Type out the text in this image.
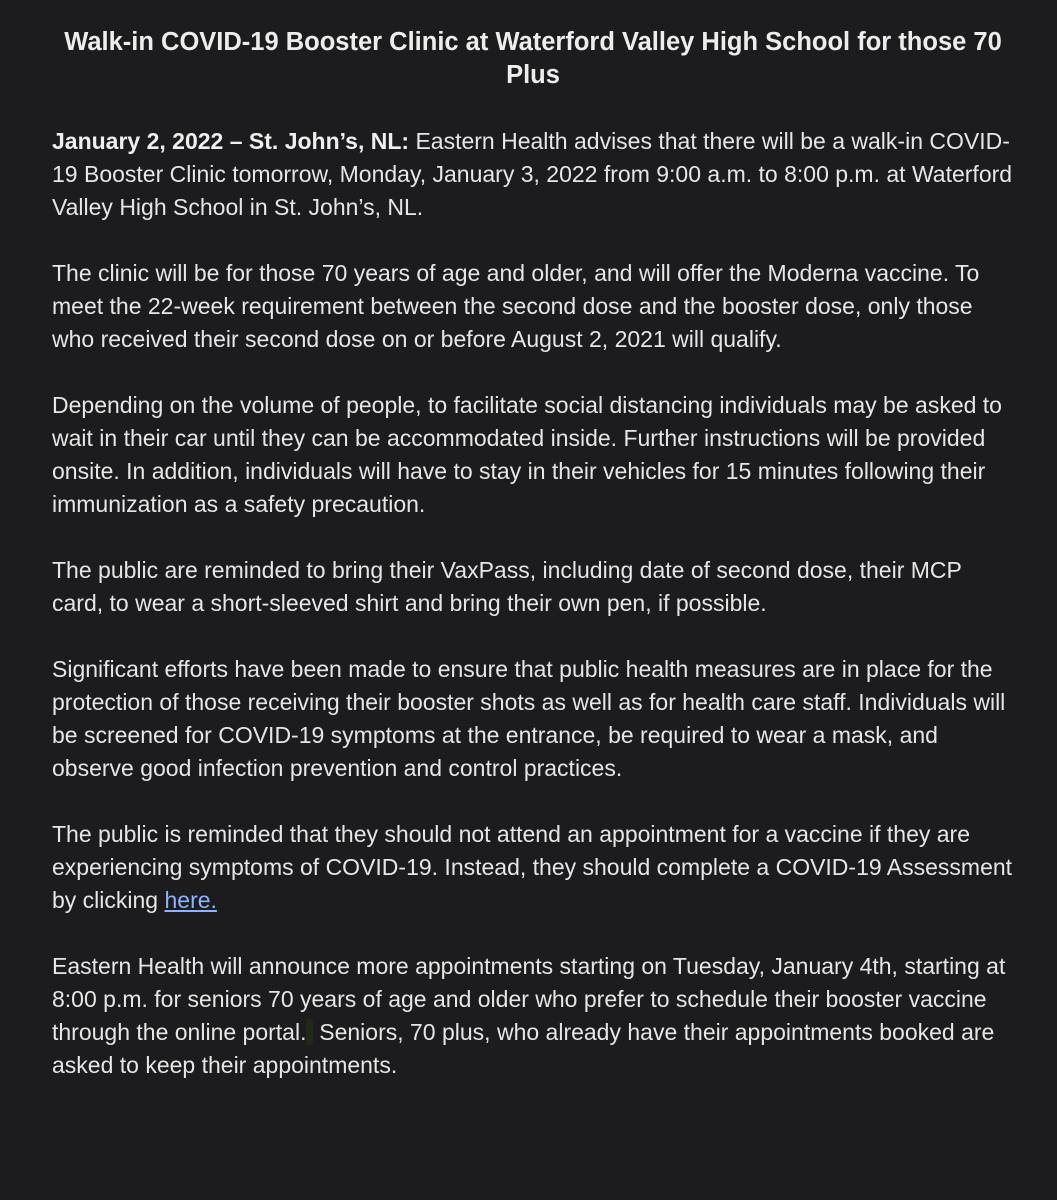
Walk-in COVID-19 Booster Clinic at Waterford Valley High School for those 70 Plus

January 2, 2022 – St. John’s, NL: Eastern Health advises that there will be a walk-in COVID-19 Booster Clinic tomorrow, Monday, January 3, 2022 from 9:00 a.m. to 8:00 p.m. at Waterford Valley High School in St. John’s, NL.

The clinic will be for those 70 years of age and older, and will offer the Moderna vaccine. To meet the 22-week requirement between the second dose and the booster dose, only those who received their second dose on or before August 2, 2021 will qualify.

Depending on the volume of people, to facilitate social distancing individuals may be asked to wait in their car until they can be accommodated inside. Further instructions will be provided onsite. In addition, individuals will have to stay in their vehicles for 15 minutes following their immunization as a safety precaution.

The public are reminded to bring their VaxPass, including date of second dose, their MCP card, to wear a short-sleeved shirt and bring their own pen, if possible.

Significant efforts have been made to ensure that public health measures are in place for the protection of those receiving their booster shots as well as for health care staff. Individuals will be screened for COVID-19 symptoms at the entrance, be required to wear a mask, and observe good infection prevention and control practices.

The public is reminded that they should not attend an appointment for a vaccine if they are experiencing symptoms of COVID-19. Instead, they should complete a COVID-19 Assessment by clicking here.

Eastern Health will announce more appointments starting on Tuesday, January 4th, starting at 8:00 p.m. for seniors 70 years of age and older who prefer to schedule their booster vaccine through the online portal.  Seniors, 70 plus, who already have their appointments booked are asked to keep their appointments.
